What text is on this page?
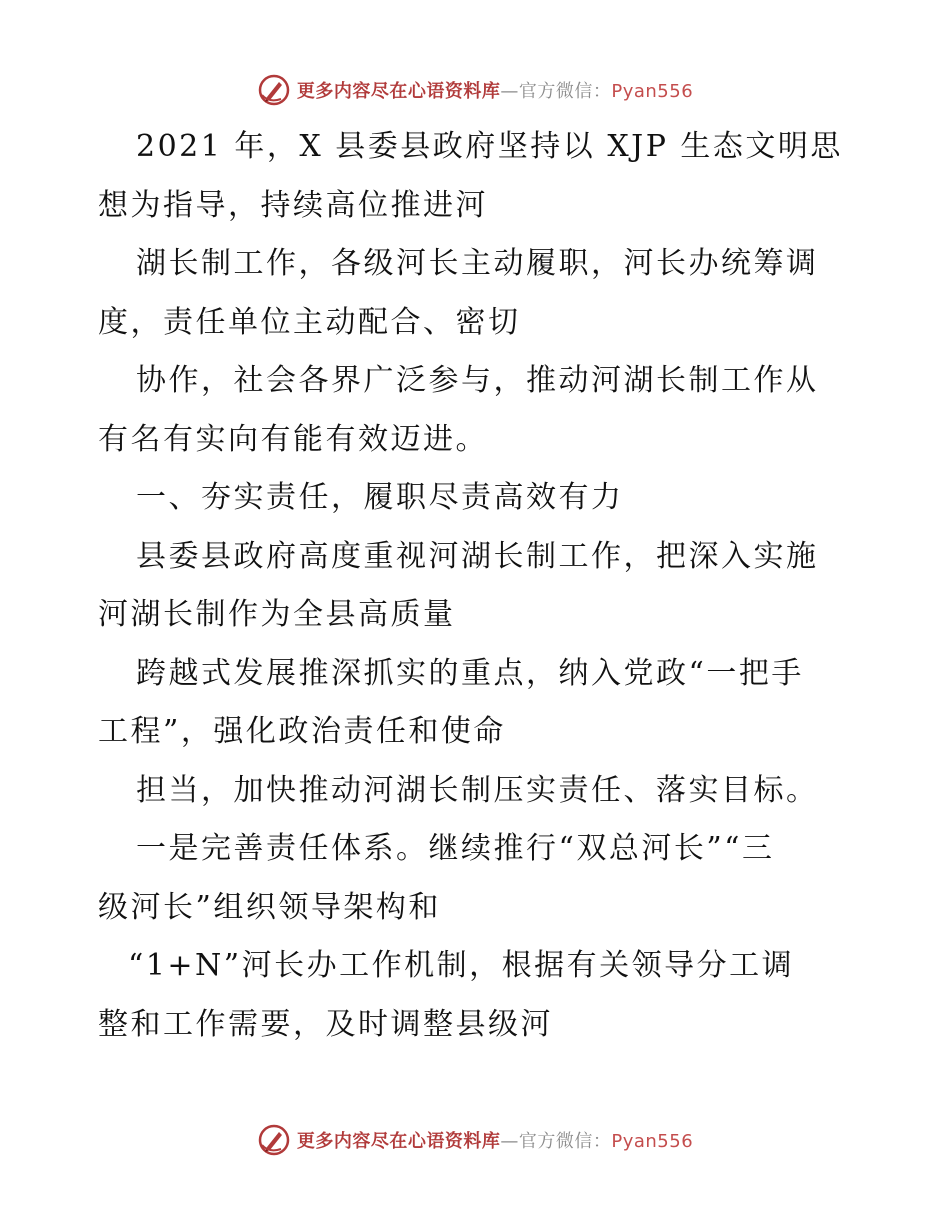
更多内容尽在心语资料库—官方微信：Pyan556
2021 年，X 县委县政府坚持以 XJP 生态文明思
想为指导，持续高位推进河
湖长制工作，各级河长主动履职，河长办统筹调
度，责任单位主动配合、密切
协作，社会各界广泛参与，推动河湖长制工作从
有名有实向有能有效迈进。
一、夯实责任，履职尽责高效有力
县委县政府高度重视河湖长制工作，把深入实施
河湖长制作为全县高质量
跨越式发展推深抓实的重点，纳入党政“一把手
工程”，强化政治责任和使命
担当，加快推动河湖长制压实责任、落实目标。
一是完善责任体系。继续推行“双总河长”“三
级河长”组织领导架构和
“1+N”河长办工作机制，根据有关领导分工调
整和工作需要，及时调整县级河
更多内容尽在心语资料库—官方微信：Pyan556
